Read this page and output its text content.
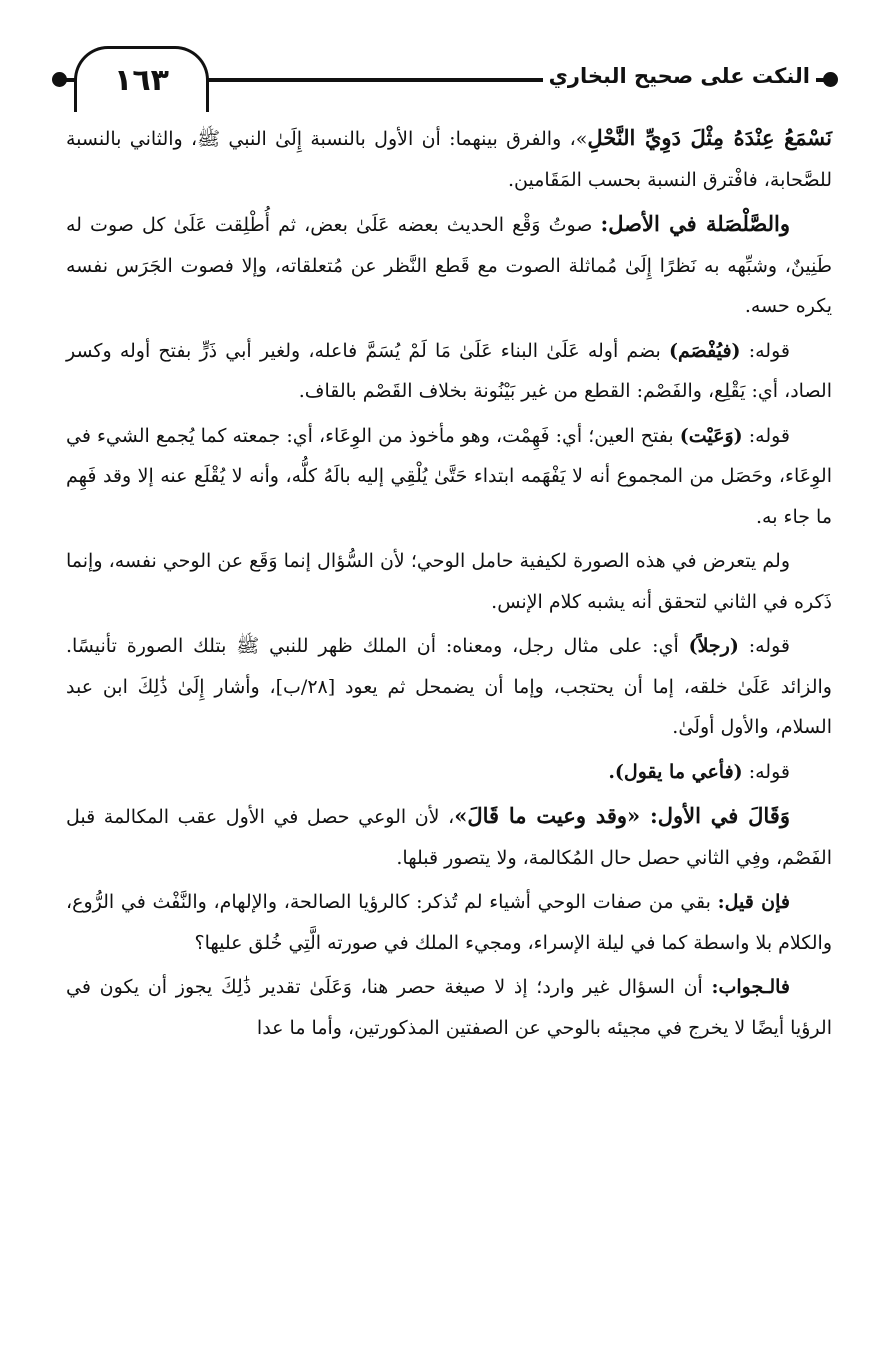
١٦٣	النكت على صحيح البخاري

نَسْمَعُ عِنْدَهُ مِثْلَ دَوِيِّ النَّحْلِ»، والفرق بينهما: أن الأول بالنسبة إِلَىٰ النبي ﷺ، والثاني بالنسبة للصَّحابة، فافْترق النسبة بحسب المَقَامين.

والصَّلْصَلة في الأصل: صوتُ وَقْع الحديث بعضه عَلَىٰ بعض، ثم أُطْلِقت عَلَىٰ كل صوت له طَنِينٌ، وشبِّهه به نَظرًا إِلَىٰ مُماثلة الصوت مع قَطع النَّظر عن مُتعلقاته، وإلا فصوت الجَرَس نفسه يكره حسه.

قوله: (فيُفْصَم) بضم أوله عَلَىٰ البناء عَلَىٰ مَا لَمْ يُسَمَّ فاعله، ولغير أبي ذَرٍّ بفتح أوله وكسر الصاد، أي: يَقْلِع، والفَصْم: القطع من غير بَيْنُونة بخلاف القَصْم بالقاف.

قوله: (وَعَيْت) بفتح العين؛ أي: فَهِمْت، وهو مأخوذ من الوِعَاء، أي: جمعته كما يُجمع الشيء في الوِعَاء، وحَصَل من المجموع أنه لا يَفْهَمه ابتداء حَتَّىٰ يُلْقِي إليه بالَهُ كلُّه، وأنه لا يُقْلَع عنه إلا وقد فَهِم ما جاء به.

ولم يتعرض في هذه الصورة لكيفية حامل الوحي؛ لأن السُّؤال إنما وَقَع عن الوحي نفسه، وإنما ذَكره في الثاني لتحقق أنه يشبه كلام الإنس.

قوله: (رجلاً) أي: على مثال رجل، ومعناه: أن الملك ظهر للنبي ﷺ بتلك الصورة تأنيسًا. والزائد عَلَىٰ خلقه، إما أن يحتجب، وإما أن يضمحل ثم يعود [٢٨/ب]، وأشار إِلَىٰ ذَٰلِكَ ابن عبد السلام، والأول أولَىٰ.

قوله: (فأعي ما يقول).

وَقَالَ في الأول: «وقد وعيت ما قَالَ»، لأن الوعي حصل في الأول عقب المكالمة قبل الفَصْم، وفِي الثاني حصل حال المُكالمة، ولا يتصور قبلها.

فإن قيل: بقي من صفات الوحي أشياء لم تُذكر: كالرؤيا الصالحة، والإلهام، والنَّفْث في الرُّوع، والكلام بلا واسطة كما في ليلة الإسراء، ومجيء الملك في صورته الَّتِي خُلق عليها؟

فالـجواب: أن السؤال غير وارد؛ إذ لا صيغة حصر هنا، وَعَلَىٰ تقدير ذَٰلِكَ يجوز أن يكون في الرؤيا أيضًا لا يخرج في مجيئه بالوحي عن الصفتين المذكورتين، وأما ما عدا
